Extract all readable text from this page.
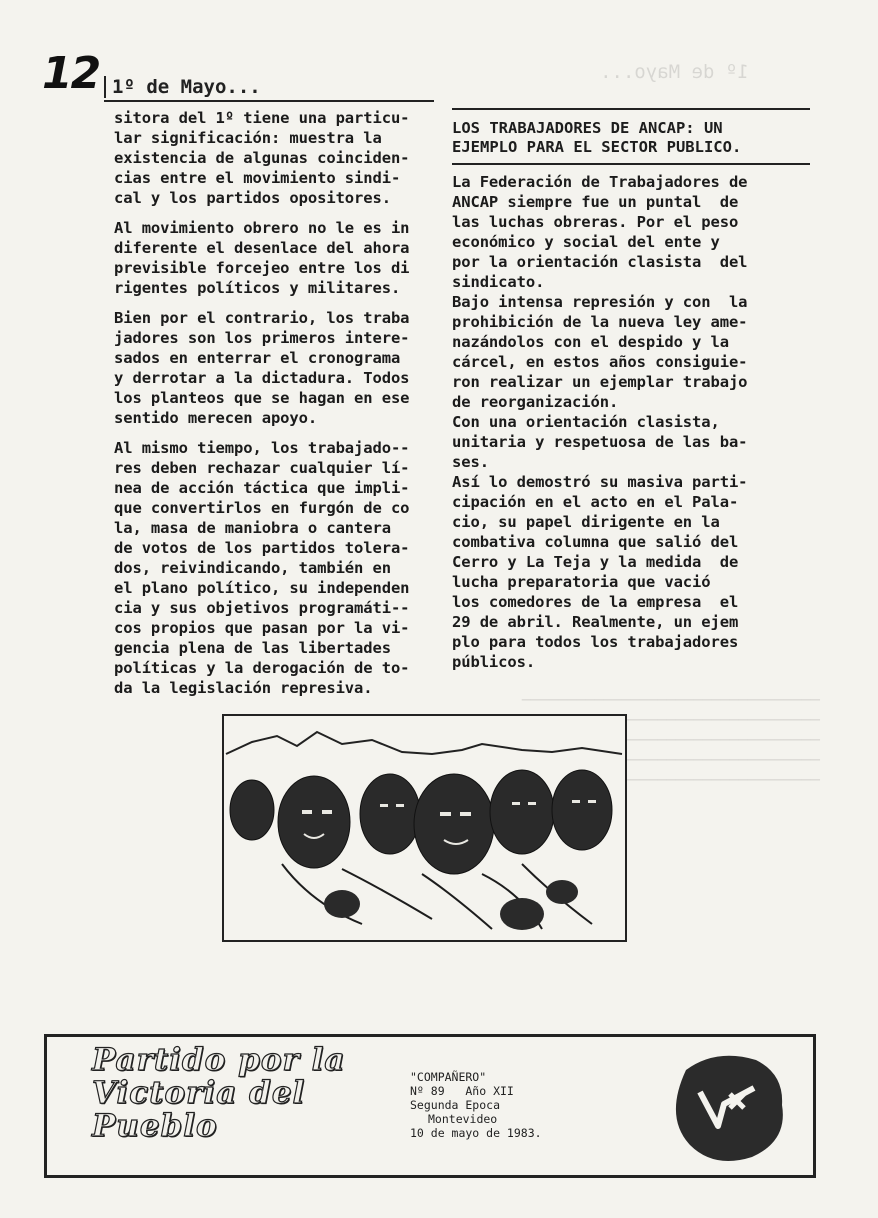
1º de Mayo...

─────────────────────────────────
─────────────────────────────────
─────────────────────────────────
─────────────────────────────────
─────────────────────────────────
12 1º de Mayo...

sitora del 1º tiene una particu-
lar significación: muestra la
existencia de algunas coinciden-
cias entre el movimiento sindi-
cal y los partidos opositores.

Al movimiento obrero no le es in
diferente el desenlace del ahora
previsible forcejeo entre los di
rigentes políticos y militares.

Bien por el contrario, los traba
jadores son los primeros intere-
sados en enterrar el cronograma
y derrotar a la dictadura. Todos
los planteos que se hagan en ese
sentido merecen apoyo.

Al mismo tiempo, los trabajado--
res deben rechazar cualquier lí-
nea de acción táctica que impli-
que convertirlos en furgón de co
la, masa de maniobra o cantera
de votos de los partidos tolera-
dos, reivindicando, también en
el plano político, su independen
cia y sus objetivos programáti--
cos propios que pasan por la vi-
gencia plena de las libertades
políticas y la derogación de to-
da la legislación represiva.

LOS TRABAJADORES DE ANCAP: UN
EJEMPLO PARA EL SECTOR PUBLICO.

La Federación de Trabajadores de
ANCAP siempre fue un puntal  de
las luchas obreras. Por el peso
económico y social del ente y
por la orientación clasista  del
sindicato.
Bajo intensa represión y con  la
prohibición de la nueva ley ame-
nazándolos con el despido y la
cárcel, en estos años consiguie-
ron realizar un ejemplar trabajo
de reorganización.
Con una orientación clasista,
unitaria y respetuosa de las ba-
ses.
Así lo demostró su masiva parti-
cipación en el acto en el Pala-
cio, su papel dirigente en la
combativa columna que salió del
Cerro y La Teja y la medida  de
lucha preparatoria que vació
los comedores de la empresa  el
29 de abril. Realmente, un ejem
plo para todos los trabajadores
públicos.

Partido por la
Victoria del
Pueblo
"COMPAÑERO"
Nº 89   Año XII
Segunda Epoca
Montevideo
10 de mayo de 1983.
